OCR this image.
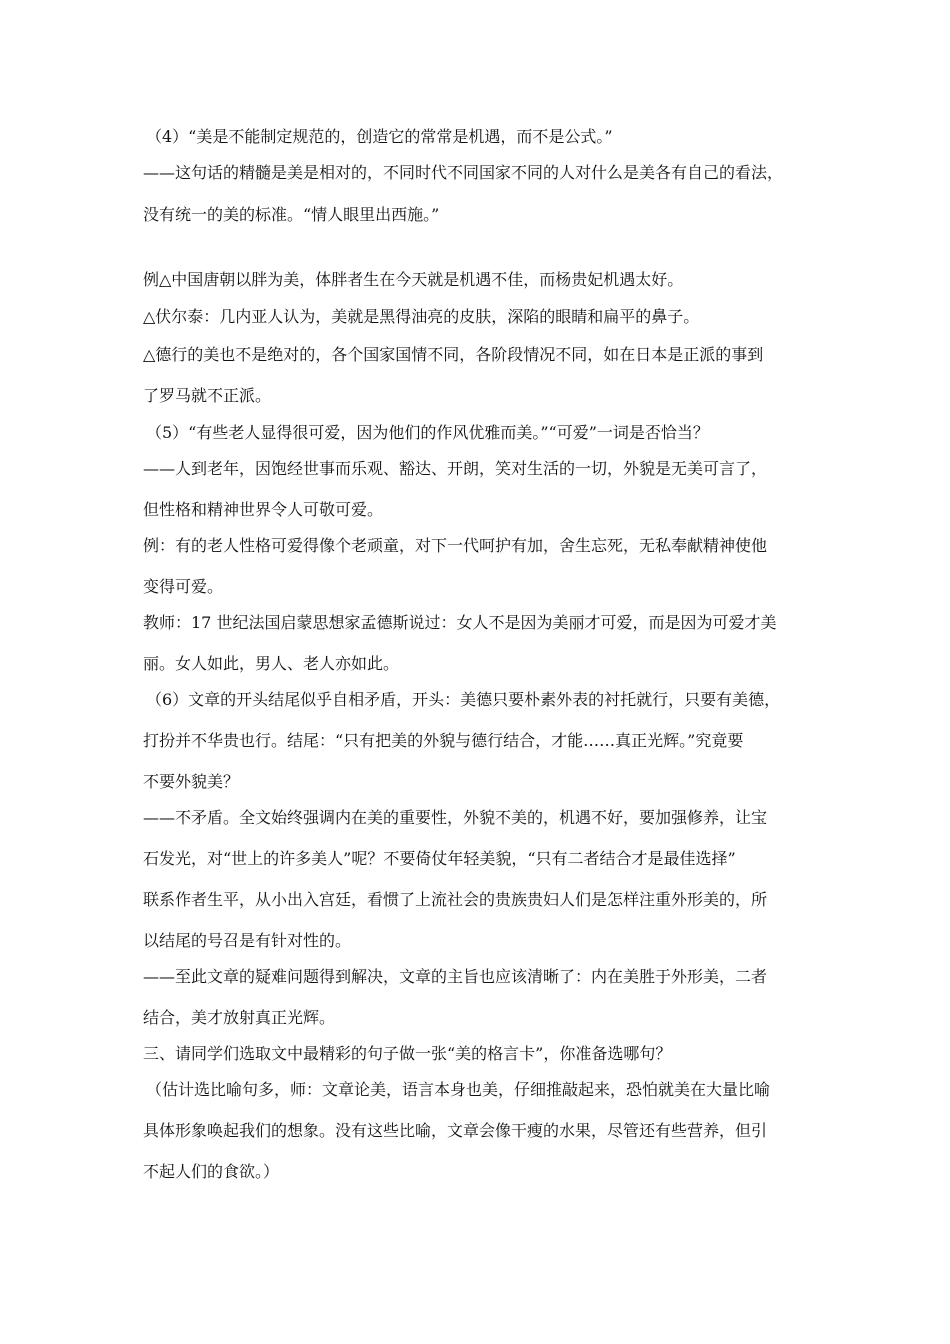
（4）“美是不能制定规范的，创造它的常常是机遇，而不是公式。”
——这句话的精髓是美是相对的，不同时代不同国家不同的人对什么是美各有自己的看法，
没有统一的美的标准。“情人眼里出西施。”
例△中国唐朝以胖为美，体胖者生在今天就是机遇不佳，而杨贵妃机遇太好。
△伏尔泰：几内亚人认为，美就是黑得油亮的皮肤，深陷的眼睛和扁平的鼻子。
△德行的美也不是绝对的，各个国家国情不同，各阶段情况不同，如在日本是正派的事到
了罗马就不正派。
（5）“有些老人显得很可爱，因为他们的作风优雅而美。”“可爱”一词是否恰当？
——人到老年，因饱经世事而乐观、豁达、开朗，笑对生活的一切，外貌是无美可言了，
但性格和精神世界令人可敬可爱。
例：有的老人性格可爱得像个老顽童，对下一代呵护有加，舍生忘死，无私奉献精神使他
变得可爱。
教师：17 世纪法国启蒙思想家孟德斯说过：女人不是因为美丽才可爱，而是因为可爱才美
丽。女人如此，男人、老人亦如此。
（6）文章的开头结尾似乎自相矛盾，开头：美德只要朴素外表的衬托就行，只要有美德，
打扮并不华贵也行。结尾：“只有把美的外貌与德行结合，才能……真正光辉。”究竟要
不要外貌美？
——不矛盾。全文始终强调内在美的重要性，外貌不美的，机遇不好，要加强修养，让宝
石发光，对“世上的许多美人”呢？不要倚仗年轻美貌，“只有二者结合才是最佳选择”
联系作者生平，从小出入宫廷，看惯了上流社会的贵族贵妇人们是怎样注重外形美的，所
以结尾的号召是有针对性的。
——至此文章的疑难问题得到解决，文章的主旨也应该清晰了：内在美胜于外形美，二者
结合，美才放射真正光辉。
三、请同学们选取文中最精彩的句子做一张“美的格言卡”，你准备选哪句？
（估计选比喻句多，师：文章论美，语言本身也美，仔细推敲起来，恐怕就美在大量比喻
具体形象唤起我们的想象。没有这些比喻，文章会像干瘦的水果，尽管还有些营养，但引
不起人们的食欲。）
